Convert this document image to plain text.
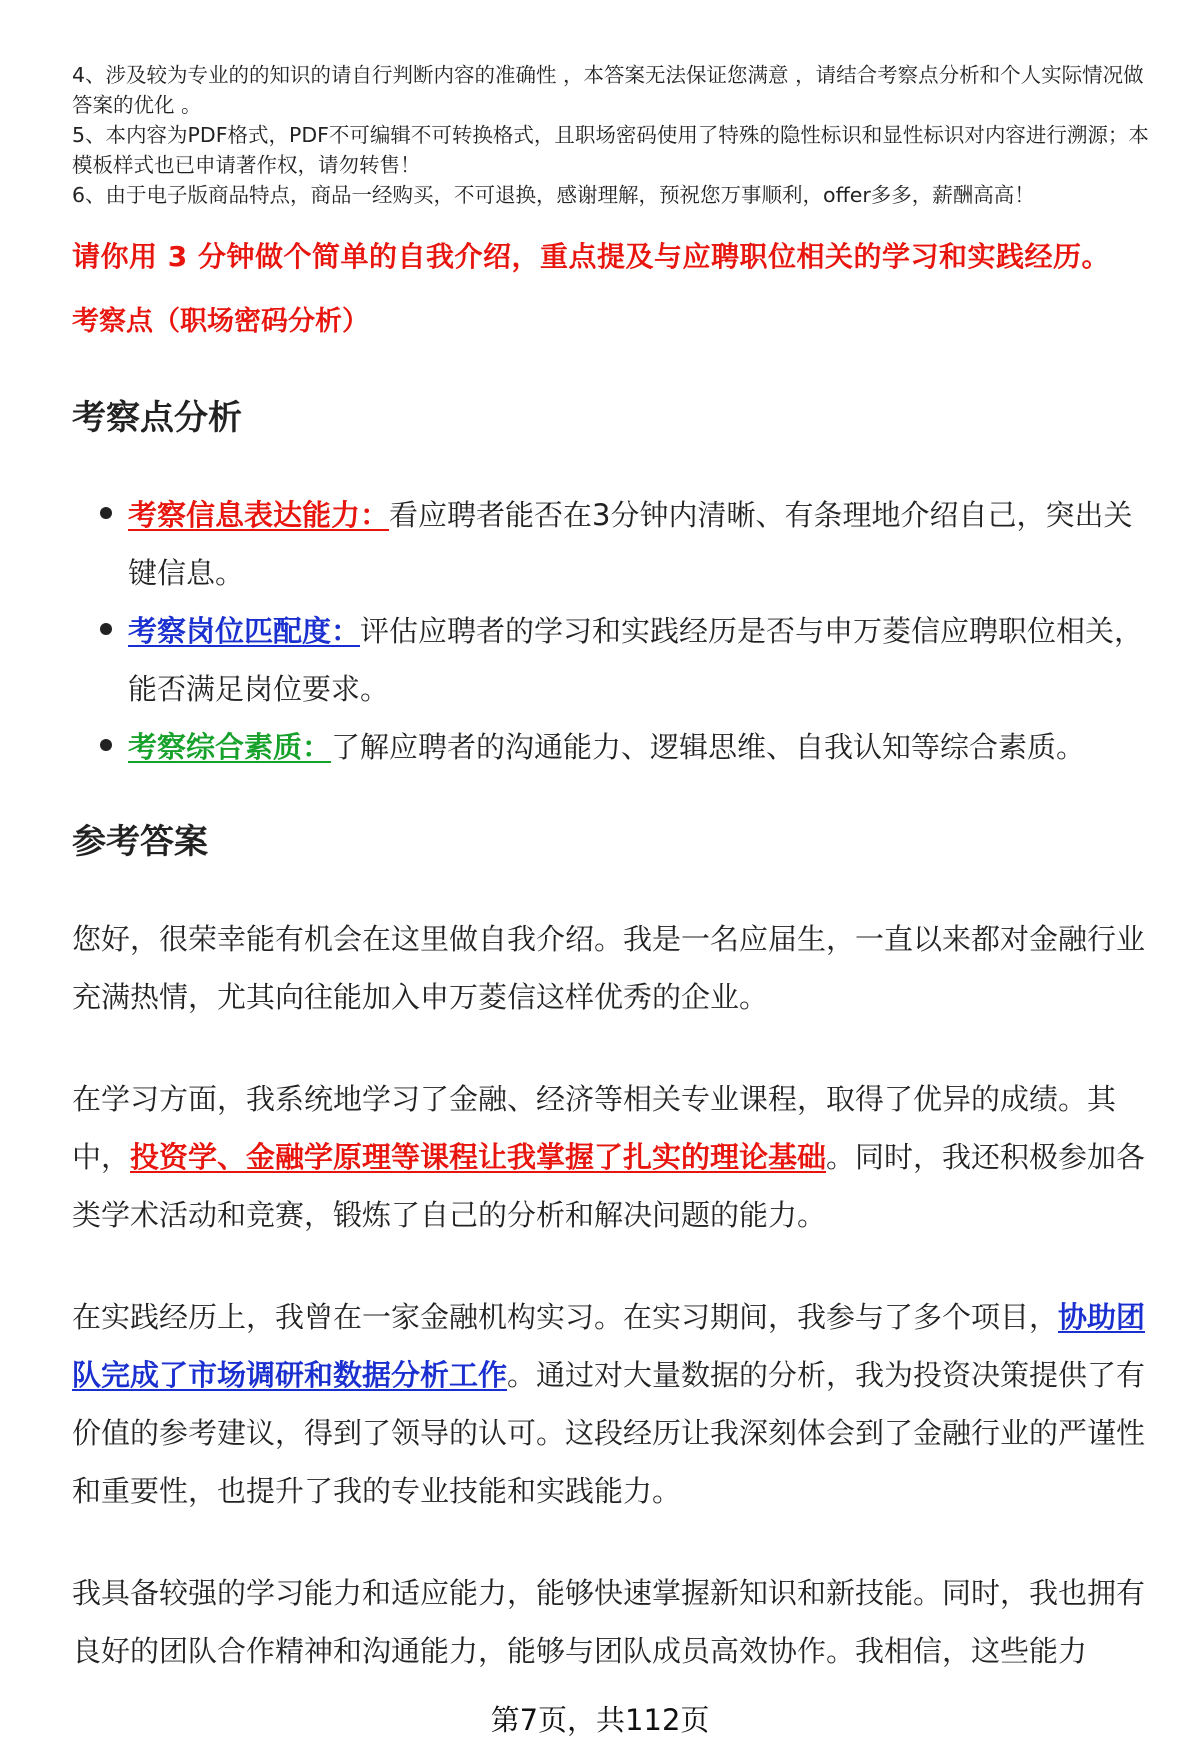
4、涉及较为专业的的知识的请自行判断内容的准确性 ，本答案无法保证您满意 ，请结合考察点分析和个人实际情况做答案的优化 。
5、本内容为PDF格式，PDF不可编辑不可转换格式，且职场密码使用了特殊的隐性标识和显性标识对内容进行溯源；本模板样式也已申请著作权，请勿转售！
6、由于电子版商品特点，商品一经购买，不可退换，感谢理解，预祝您万事顺利，offer多多，薪酬高高！
请你用 3 分钟做个简单的自我介绍，重点提及与应聘职位相关的学习和实践经历。
考察点（职场密码分析）
考察点分析
考察信息表达能力：看应聘者能否在3分钟内清晰、有条理地介绍自己，突出关键信息。
考察岗位匹配度：评估应聘者的学习和实践经历是否与申万菱信应聘职位相关，能否满足岗位要求。
考察综合素质：了解应聘者的沟通能力、逻辑思维、自我认知等综合素质。
参考答案

您好，很荣幸能有机会在这里做自我介绍。我是一名应届生，一直以来都对金融行业充满热情，尤其向往能加入申万菱信这样优秀的企业。

在学习方面，我系统地学习了金融、经济等相关专业课程，取得了优异的成绩。其中，投资学、金融学原理等课程让我掌握了扎实的理论基础。同时，我还积极参加各类学术活动和竞赛，锻炼了自己的分析和解决问题的能力。

在实践经历上，我曾在一家金融机构实习。在实习期间，我参与了多个项目，协助团队完成了市场调研和数据分析工作。通过对大量数据的分析，我为投资决策提供了有价值的参考建议，得到了领导的认可。这段经历让我深刻体会到了金融行业的严谨性和重要性，也提升了我的专业技能和实践能力。

我具备较强的学习能力和适应能力，能够快速掌握新知识和新技能。同时，我也拥有良好的团队合作精神和沟通能力，能够与团队成员高效协作。我相信，这些能力

第7页，共112页
